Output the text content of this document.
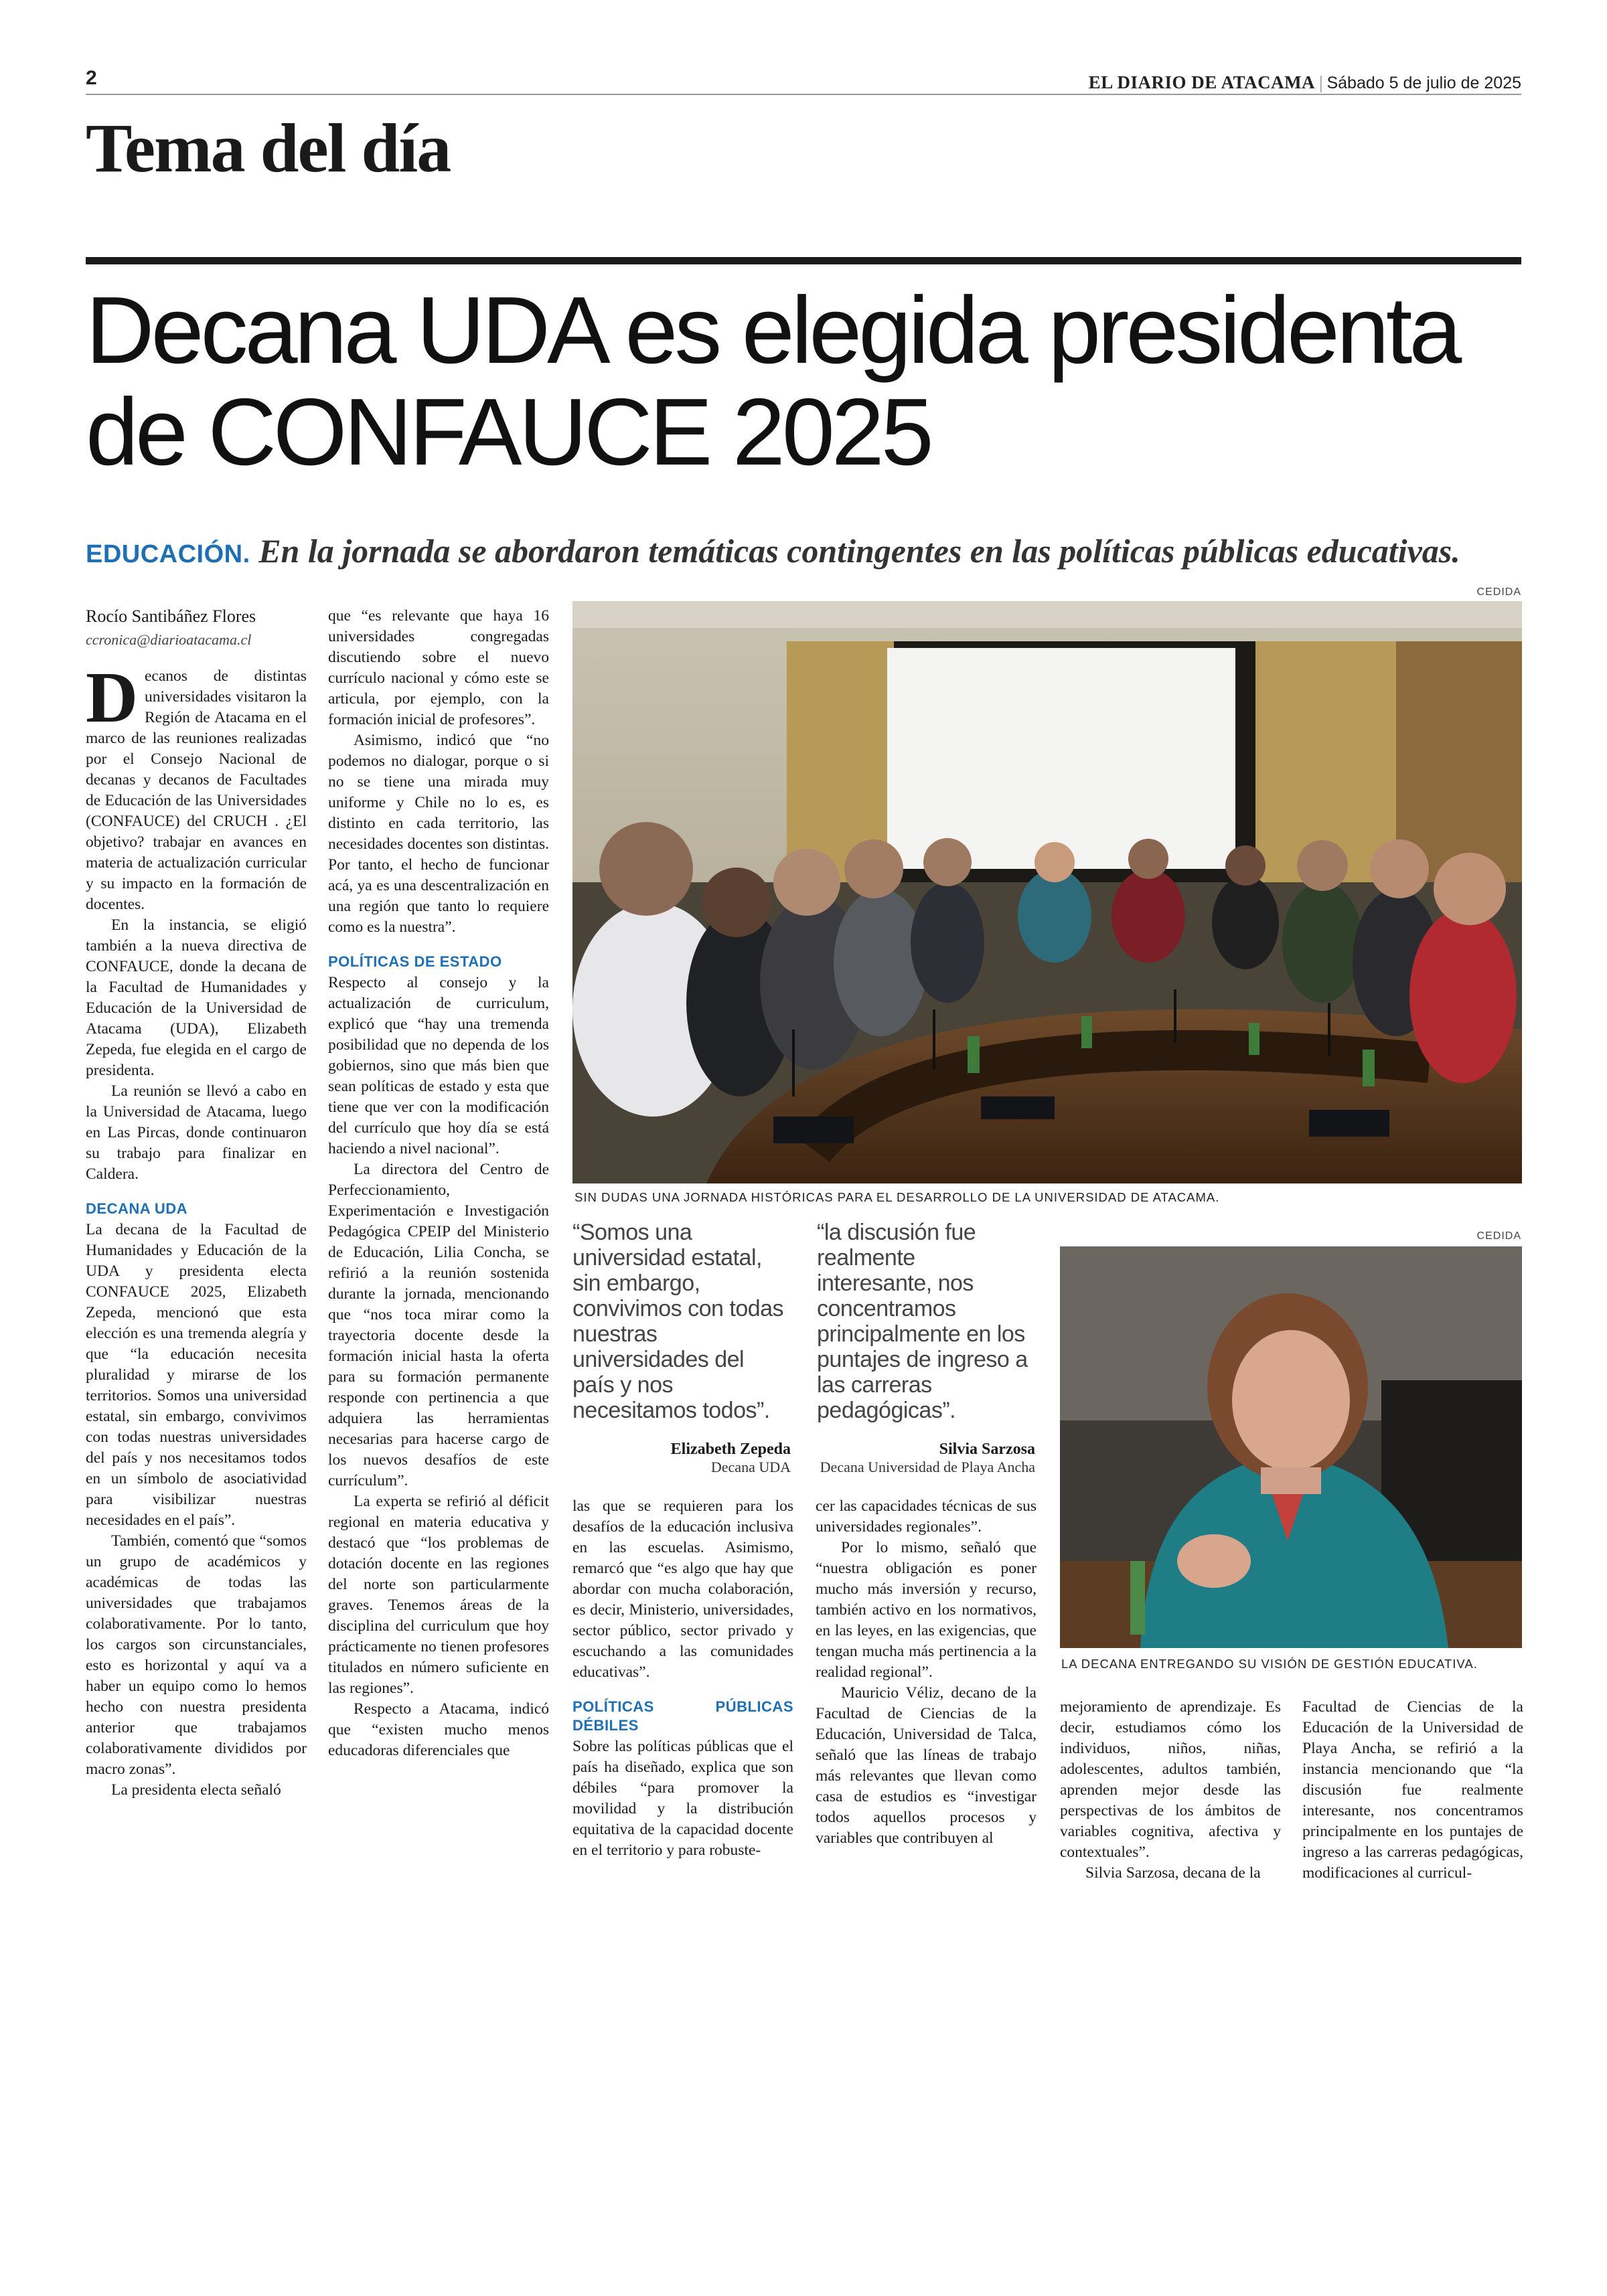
2	EL DIARIO DE ATACAMA | Sábado 5 de julio de 2025
Tema del día
Decana UDA es elegida presidenta
de CONFAUCE 2025
EDUCACIÓN. En la jornada se abordaron temáticas contingentes en las políticas públicas educativas.
Rocío Santibáñez Flores
ccronica@diarioatacama.cl

Decanos de distintas universidades visitaron la Región de Atacama en el marco de las reuniones realizadas por el Consejo Nacional de decanas y decanos de Facultades de Educación de las Universidades (CONFAUCE) del CRUCH . ¿El objetivo? trabajar en avances en materia de actualización curricular y su impacto en la formación de docentes.

En la instancia, se eligió también a la nueva directiva de CONFAUCE, donde la decana de la Facultad de Humanidades y Educación de la Universidad de Atacama (UDA), Elizabeth Zepeda, fue elegida en el cargo de presidenta.

La reunión se llevó a cabo en la Universidad de Atacama, luego en Las Pircas, donde continuaron su trabajo para finalizar en Caldera.

DECANA UDA

La decana de la Facultad de Humanidades y Educación de la UDA y presidenta electa CONFAUCE 2025, Elizabeth Zepeda, mencionó que esta elección es una tremenda alegría y que “la educación necesita pluralidad y mirarse de los territorios. Somos una universidad estatal, sin embargo, convivimos con todas nuestras universidades del país y nos necesitamos todos en un símbolo de asociatividad para visibilizar nuestras necesidades en el país”.

También, comentó que “somos un grupo de académicos y académicas de todas las universidades que trabajamos colaborativamente. Por lo tanto, los cargos son circunstanciales, esto es horizontal y aquí va a haber un equipo como lo hemos hecho con nuestra presidenta anterior que trabajamos colaborativamente divididos por macro zonas”.

La presidenta electa señaló

que “es relevante que haya 16 universidades congregadas discutiendo sobre el nuevo currículo nacional y cómo este se articula, por ejemplo, con la formación inicial de profesores”.

Asimismo, indicó que “no podemos no dialogar, porque o si no se tiene una mirada muy uniforme y Chile no lo es, es distinto en cada territorio, las necesidades docentes son distintas. Por tanto, el hecho de funcionar acá, ya es una descentralización en una región que tanto lo requiere como es la nuestra”.

POLÍTICAS DE ESTADO

Respecto al consejo y la actualización de curriculum, explicó que “hay una tremenda posibilidad que no dependa de los gobiernos, sino que más bien que sean políticas de estado y esta que tiene que ver con la modificación del currículo que hoy día se está haciendo a nivel nacional”.

La directora del Centro de Perfeccionamiento, Experimentación e Investigación Pedagógica CPEIP del Ministerio de Educación, Lilia Concha, se refirió a la reunión sostenida durante la jornada, mencionando que “nos toca mirar como la trayectoria docente desde la formación inicial hasta la oferta para su formación permanente responde con pertinencia a que adquiera las herramientas necesarias para hacerse cargo de los nuevos desafíos de este currículum”.

La experta se refirió al déficit regional en materia educativa y destacó que “los problemas de dotación docente en las regiones del norte son particularmente graves. Tenemos áreas de la disciplina del curriculum que hoy prácticamente no tienen profesores titulados en número suficiente en las regiones”.

Respecto a Atacama, indicó que “existen mucho menos educadoras diferenciales que

CEDIDA
SIN DUDAS UNA JORNADA HISTÓRICAS PARA EL DESARROLLO DE LA UNIVERSIDAD DE ATACAMA.
“Somos una universidad estatal, sin embargo, convivimos con todas nuestras universidades del país y nos necesitamos todos”.
Elizabeth Zepeda
Decana UDA
“la discusión fue realmente interesante, nos concentramos principalmente en los puntajes de ingreso a las carreras pedagógicas”.
Silvia Sarzosa
Decana Universidad de Playa Ancha
CEDIDA
LA DECANA ENTREGANDO SU VISIÓN DE GESTIÓN EDUCATIVA.

las que se requieren para los desafíos de la educación inclusiva en las escuelas. Asimismo, remarcó que “es algo que hay que abordar con mucha colaboración, es decir, Ministerio, universidades, sector público, sector privado y escuchando a las comunidades educativas”.

POLÍTICAS PÚBLICAS DÉBILES

Sobre las políticas públicas que el país ha diseñado, explica que son débiles “para promover la movilidad y la distribución equitativa de la capacidad docente en el territorio y para robuste-

cer las capacidades técnicas de sus universidades regionales”.

Por lo mismo, señaló que “nuestra obligación es poner mucho más inversión y recurso, también activo en los normativos, en las leyes, en las exigencias, que tengan mucha más pertinencia a la realidad regional”.

Mauricio Véliz, decano de la Facultad de Ciencias de la Educación, Universidad de Talca, señaló que las líneas de trabajo más relevantes que llevan como casa de estudios es “investigar todos aquellos procesos y variables que contribuyen al

mejoramiento de aprendizaje. Es decir, estudiamos cómo los individuos, niños, niñas, adolescentes, adultos también, aprenden mejor desde las perspectivas de los ámbitos de variables cognitiva, afectiva y contextuales”.

Silvia Sarzosa, decana de la

Facultad de Ciencias de la Educación de la Universidad de Playa Ancha, se refirió a la instancia mencionando que “la discusión fue realmente interesante, nos concentramos principalmente en los puntajes de ingreso a las carreras pedagógicas, modificaciones al curricul-
